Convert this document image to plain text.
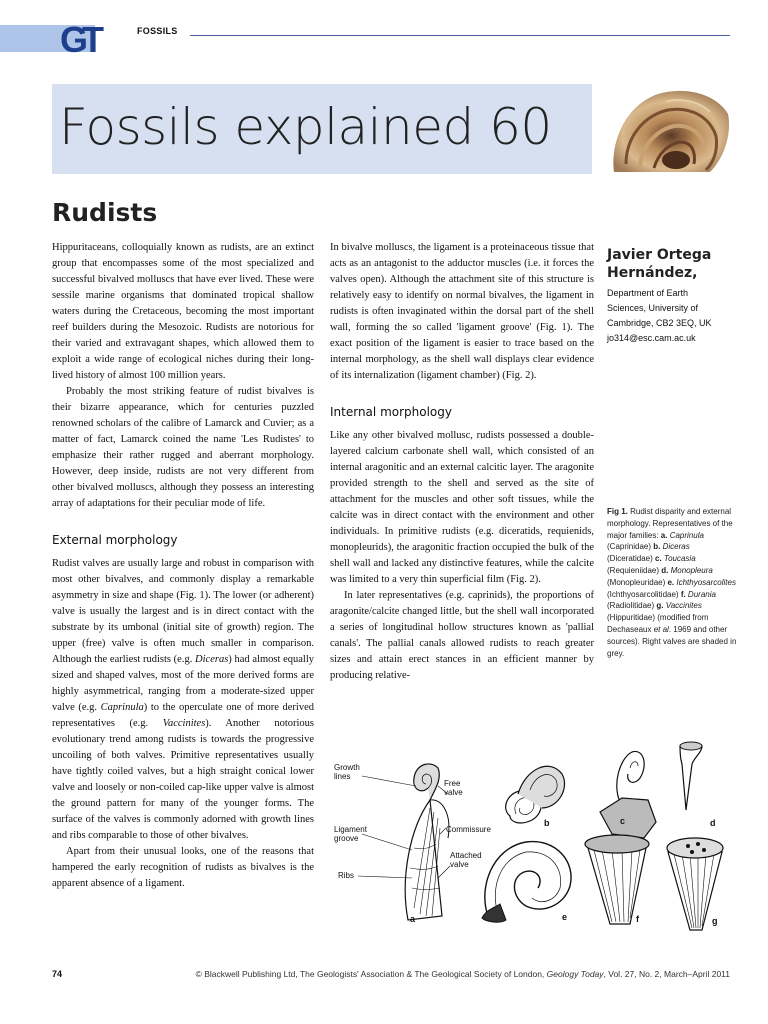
GT	FOSSILS
Fossils explained 60
Rudists

Hippuritaceans, colloquially known as rudists, are an extinct group that encompasses some of the most specialized and successful bivalved molluscs that have ever lived. These were sessile marine organisms that dominated tropical shallow waters during the Cretaceous, becoming the most important reef builders during the Mesozoic. Rudists are notorious for their varied and extravagant shapes, which allowed them to exploit a wide range of ecological niches during their long-lived history of almost 100 million years.

Probably the most striking feature of rudist bivalves is their bizarre appearance, which for centuries puzzled renowned scholars of the calibre of Lamarck and Cuvier; as a matter of fact, Lamarck coined the name 'Les Rudistes' to emphasize their rather rugged and aberrant morphology. However, deep inside, rudists are not very different from other bivalved molluscs, although they possess an interesting array of adaptations for their peculiar mode of life.

External morphology

Rudist valves are usually large and robust in comparison with most other bivalves, and commonly display a remarkable asymmetry in size and shape (Fig. 1). The lower (or adherent) valve is usually the largest and is in direct contact with the substrate by its umbonal (initial site of growth) region. The upper (free) valve is often much smaller in comparison. Although the earliest rudists (e.g. Diceras) had almost equally sized and shaped valves, most of the more derived forms are highly asymmetrical, ranging from a moderate-sized upper valve (e.g. Caprinula) to the operculate one of more derived representatives (e.g. Vaccinites). Another notorious evolutionary trend among rudists is towards the progressive uncoiling of both valves. Primitive representatives usually have tightly coiled valves, but a high straight conical lower valve and loosely or non-coiled cap-like upper valve is almost the ground pattern for many of the younger forms. The surface of the valves is commonly adorned with growth lines and ribs comparable to those of other bivalves.

Apart from their unusual looks, one of the reasons that hampered the early recognition of rudists as bivalves is the apparent absence of a ligament.

In bivalve molluscs, the ligament is a proteinaceous tissue that acts as an antagonist to the adductor muscles (i.e. it forces the valves open). Although the attachment site of this structure is relatively easy to identify on normal bivalves, the ligament in rudists is often invaginated within the dorsal part of the shell wall, forming the so called 'ligament groove' (Fig. 1). The exact position of the ligament is easier to trace based on the internal morphology, as the shell wall displays clear evidence of its internalization (ligament chamber) (Fig. 2).

Internal morphology

Like any other bivalved mollusc, rudists possessed a double-layered calcium carbonate shell wall, which consisted of an internal aragonitic and an external calcitic layer. The aragonite provided strength to the shell and served as the site of attachment for the muscles and other soft tissues, while the calcite was in direct contact with the environment and other individuals. In primitive rudists (e.g. diceratids, requienids, monopleurids), the aragonitic fraction occupied the bulk of the shell wall and lacked any distinctive features, while the calcite was limited to a very thin superficial film (Fig. 2).

In later representatives (e.g. caprinids), the proportions of aragonite/calcite changed little, but the shell wall incorporated a series of longitudinal hollow structures known as 'pallial canals'. The pallial canals allowed rudists to reach greater sizes and attain erect stances in an efficient manner by producing relative-

Javier Ortega
Hernández,
Department of Earth
Sciences, University of
Cambridge, CB2 3EQ, UK
jo314@esc.cam.ac.uk
Fig 1. Rudist disparity and external morphology. Representatives of the major families: a. Caprinula (Caprinidae) b. Diceras (Diceratidae) c. Toucasia (Requieniidae) d. Monopleura (Monopleuridae) e. Ichthyosarcolites (Ichthyosarcolitidae) f. Durania (Radiolitidae) g. Vaccinites (Hippuritidae) (modified from Dechaseaux et al. 1969 and other sources). Right valves are shaded in grey.
Growth
lines
Free
valve
Ligament
groove
Commissure
Attached
valve
Ribs
a
b	c	d
e	f	g
74	© Blackwell Publishing Ltd, The Geologists' Association & The Geological Society of London, Geology Today, Vol. 27, No. 2, March–April 2011
